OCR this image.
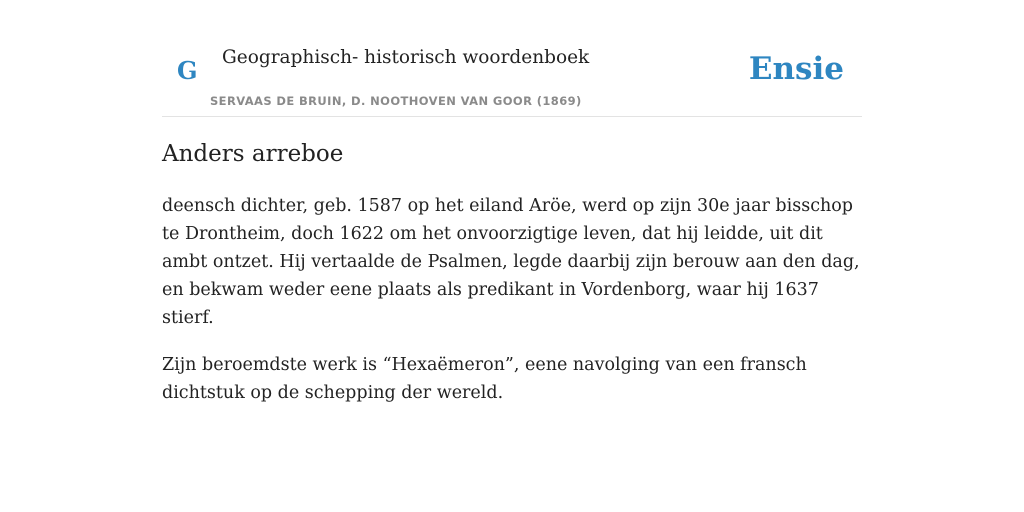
G Geographisch- historisch woordenboek
SERVAAS DE BRUIN, D. NOOTHOVEN VAN GOOR (1869)
Ensie
Anders arreboe

deensch dichter, geb. 1587 op het eiland Aröe, werd op zijn 30e jaar bisschop te Drontheim, doch 1622 om het onvoorzigtige leven, dat hij leidde, uit dit ambt ontzet. Hij vertaalde de Psalmen, legde daarbij zijn berouw aan den dag, en bekwam weder eene plaats als predikant in Vordenborg, waar hij 1637 stierf.

Zijn beroemdste werk is “Hexaëmeron”, eene navolging van een fransch dichtstuk op de schepping der wereld.
